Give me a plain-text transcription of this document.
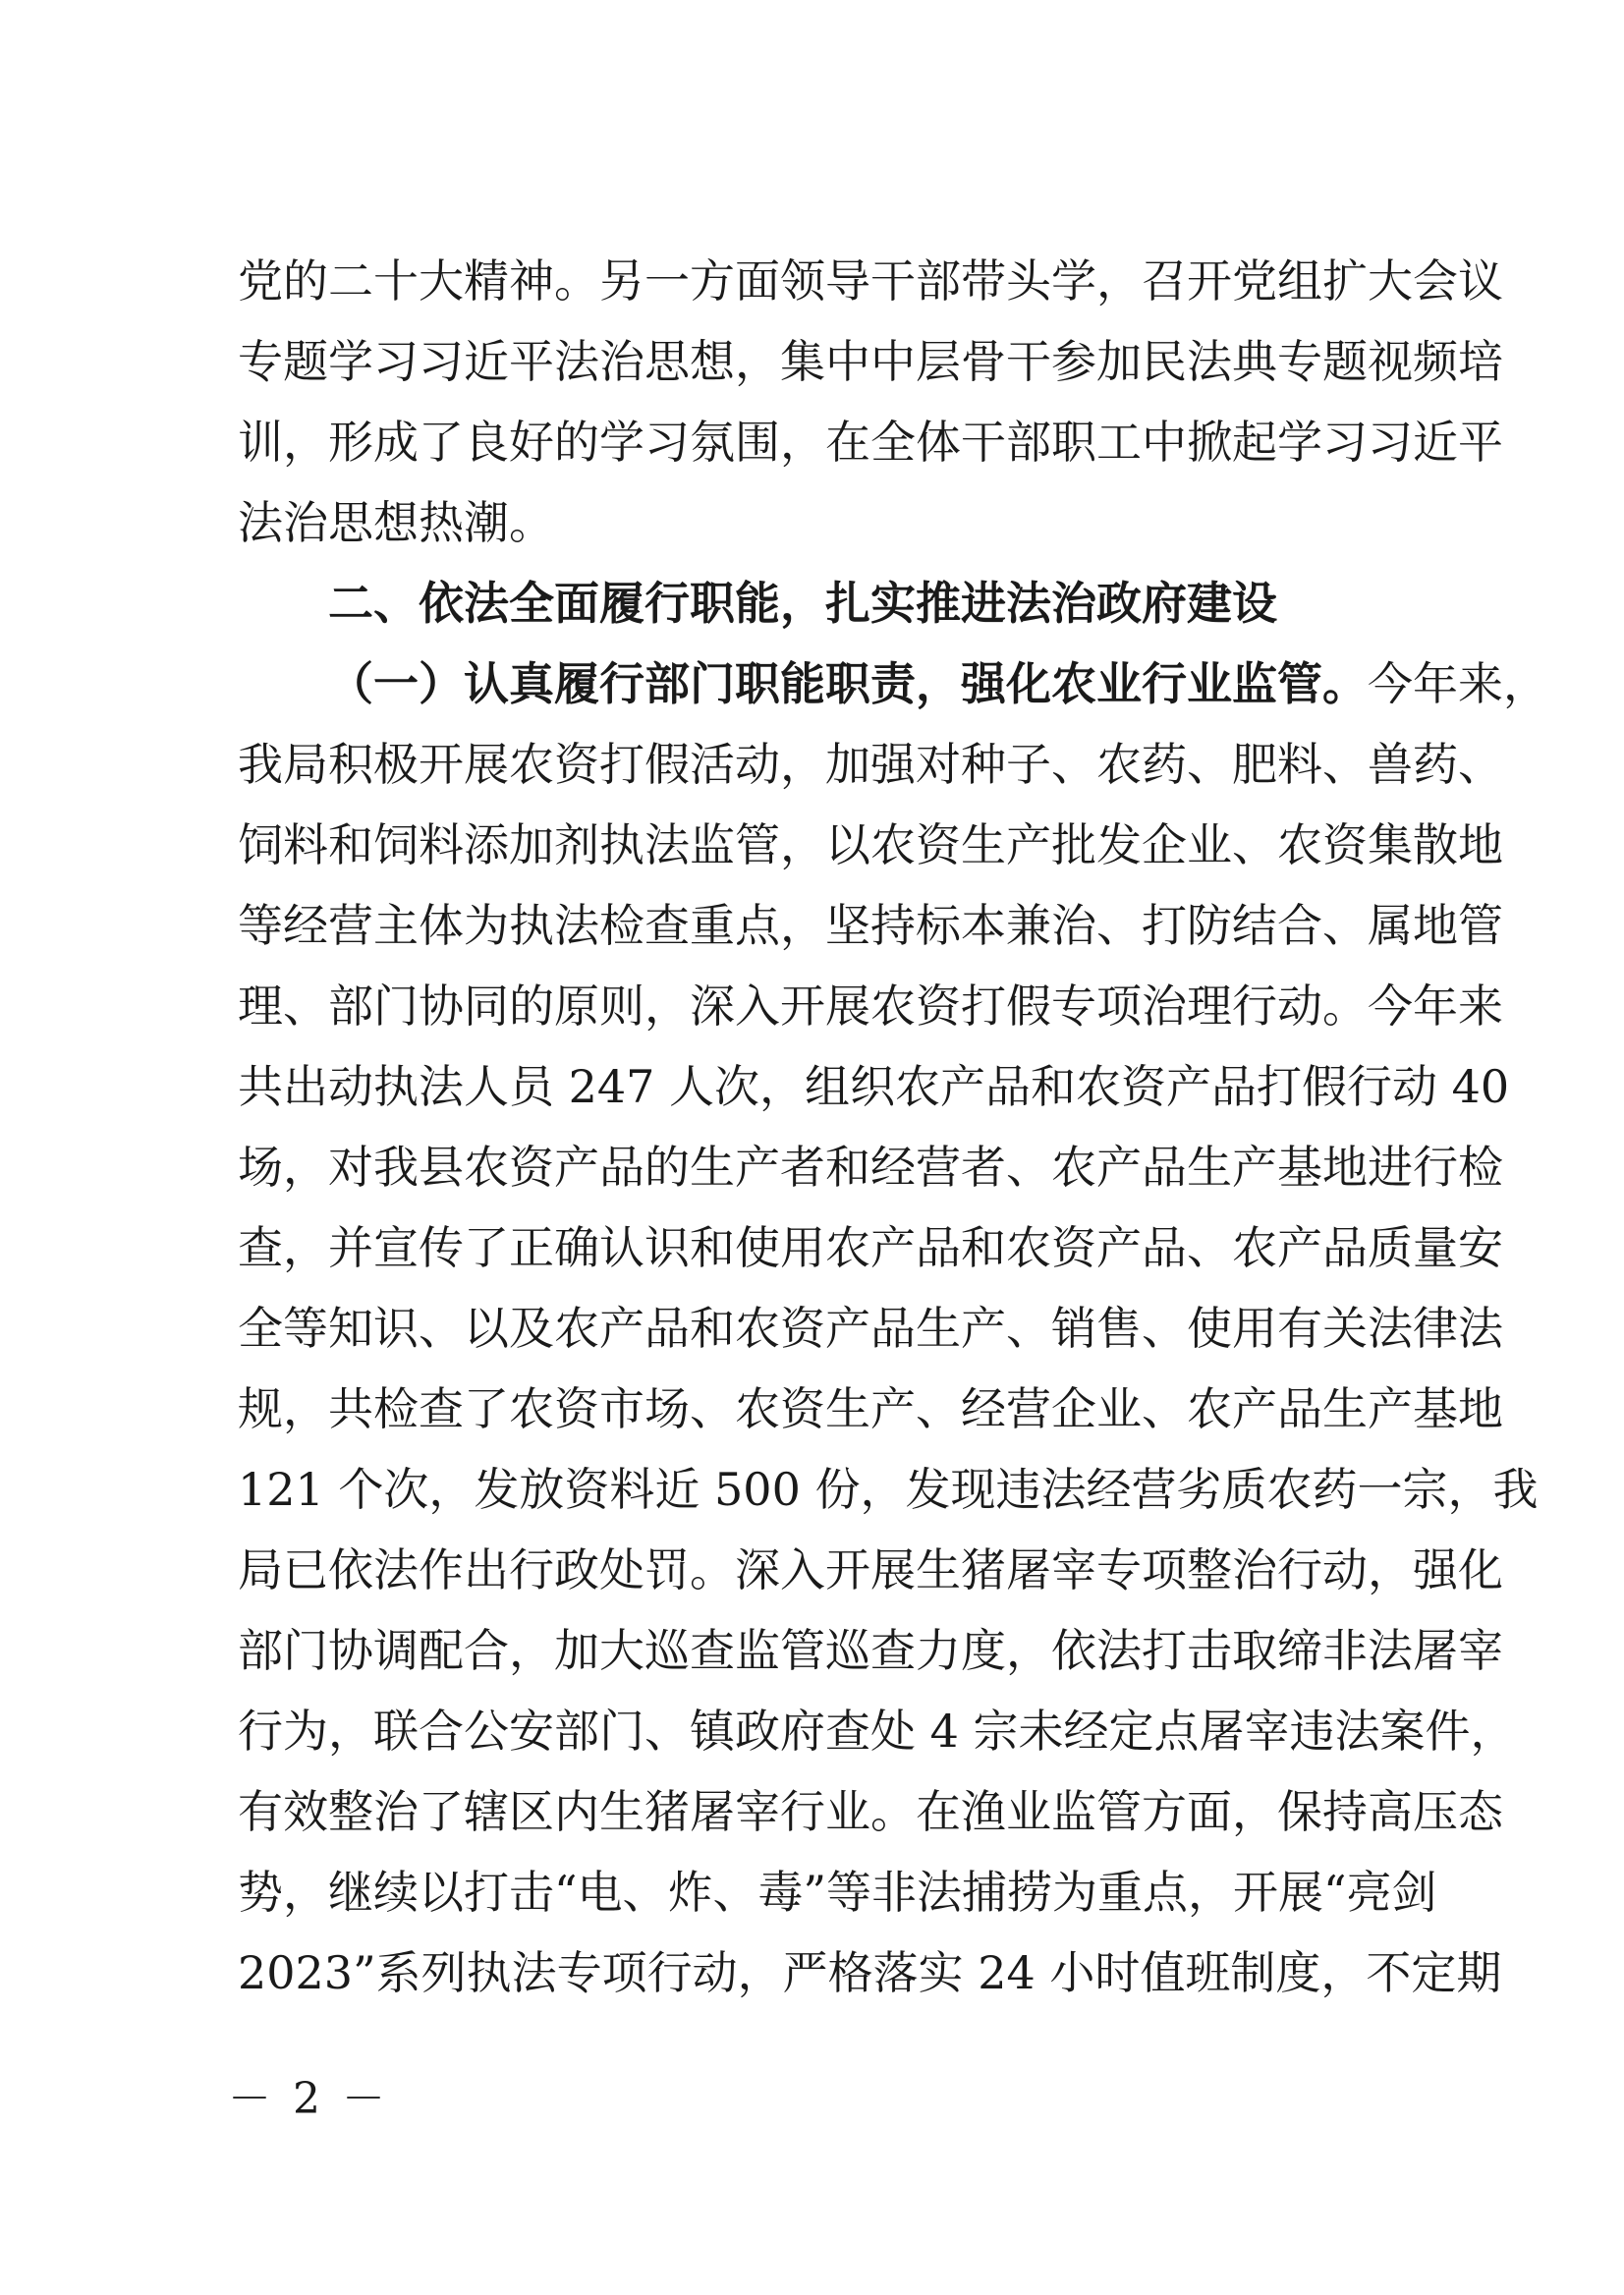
党的二十大精神。另一方面领导干部带头学，召开党组扩大会议
专题学习习近平法治思想，集中中层骨干参加民法典专题视频培
训，形成了良好的学习氛围，在全体干部职工中掀起学习习近平
法治思想热潮。
二、依法全面履行职能，扎实推进法治政府建设
（一）认真履行部门职能职责，强化农业行业监管。今年来，
我局积极开展农资打假活动，加强对种子、农药、肥料、兽药、
饲料和饲料添加剂执法监管，以农资生产批发企业、农资集散地
等经营主体为执法检查重点，坚持标本兼治、打防结合、属地管
理、部门协同的原则，深入开展农资打假专项治理行动。今年来
共出动执法人员 247 人次，组织农产品和农资产品打假行动 40
场，对我县农资产品的生产者和经营者、农产品生产基地进行检
查，并宣传了正确认识和使用农产品和农资产品、农产品质量安
全等知识、以及农产品和农资产品生产、销售、使用有关法律法
规，共检查了农资市场、农资生产、经营企业、农产品生产基地
121 个次，发放资料近 500 份，发现违法经营劣质农药一宗，我
局已依法作出行政处罚。深入开展生猪屠宰专项整治行动，强化
部门协调配合，加大巡查监管巡查力度，依法打击取缔非法屠宰
行为，联合公安部门、镇政府查处 4 宗未经定点屠宰违法案件，
有效整治了辖区内生猪屠宰行业。在渔业监管方面，保持高压态
势，继续以打击“电、炸、毒”等非法捕捞为重点，开展“亮剑
2023”系列执法专项行动，严格落实 24 小时值班制度，不定期
－ 2 －
